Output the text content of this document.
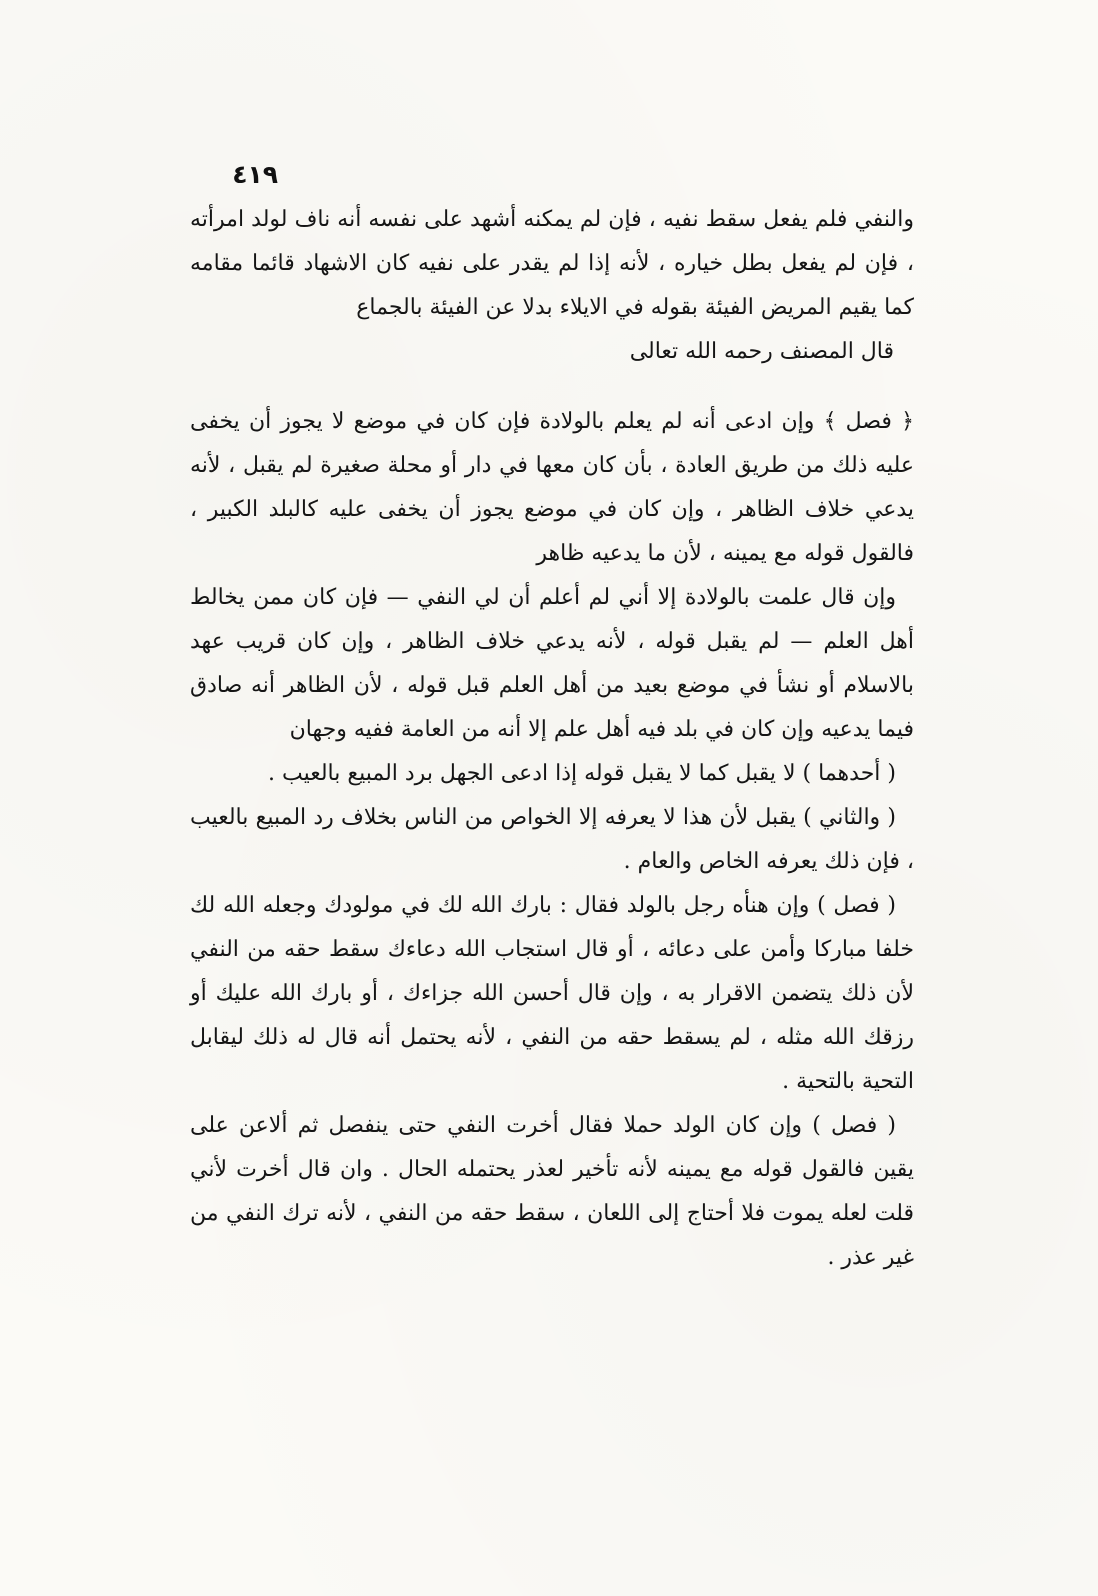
٤١٩

والنفي فلم يفعل سقط نفيه ، فإن لم يمكنه أشهد على نفسه أنه ناف لولد امرأته ، فإن لم يفعل بطل خياره ، لأنه إذا لم يقدر على نفيه كان الاشهاد قائما مقامه كما يقيم المريض الفيئة بقوله في الايلاء بدلا عن الفيئة بالجماع

قال المصنف رحمه الله تعالى

﴿ فصل ﴾ وإن ادعى أنه لم يعلم بالولادة فإن كان في موضع لا يجوز أن يخفى عليه ذلك من طريق العادة ، بأن كان معها في دار أو محلة صغيرة لم يقبل ، لأنه يدعي خلاف الظاهر ، وإن كان في موضع يجوز أن يخفى عليه كالبلد الكبير ، فالقول قوله مع يمينه ، لأن ما يدعيه ظاهر

وإن قال علمت بالولادة إلا أني لم أعلم أن لي النفي — فإن كان ممن يخالط أهل العلم — لم يقبل قوله ، لأنه يدعي خلاف الظاهر ، وإن كان قريب عهد بالاسلام أو نشأ في موضع بعيد من أهل العلم قبل قوله ، لأن الظاهر أنه صادق فيما يدعيه وإن كان في بلد فيه أهل علم إلا أنه من العامة ففيه وجهان

( أحدهما ) لا يقبل كما لا يقبل قوله إذا ادعى الجهل برد المبيع بالعيب .

( والثاني ) يقبل لأن هذا لا يعرفه إلا الخواص من الناس بخلاف رد المبيع بالعيب ، فإن ذلك يعرفه الخاص والعام .

( فصل ) وإن هنأه رجل بالولد فقال : بارك الله لك في مولودك وجعله الله لك خلفا مباركا وأمن على دعائه ، أو قال استجاب الله دعاءك سقط حقه من النفي لأن ذلك يتضمن الاقرار به ، وإن قال أحسن الله جزاءك ، أو بارك الله عليك أو رزقك الله مثله ، لم يسقط حقه من النفي ، لأنه يحتمل أنه قال له ذلك ليقابل التحية بالتحية .

( فصل ) وإن كان الولد حملا فقال أخرت النفي حتى ينفصل ثم ألاعن على يقين فالقول قوله مع يمينه لأنه تأخير لعذر يحتمله الحال . وان قال أخرت لأني قلت لعله يموت فلا أحتاج إلى اللعان ، سقط حقه من النفي ، لأنه ترك النفي من غير عذر .
